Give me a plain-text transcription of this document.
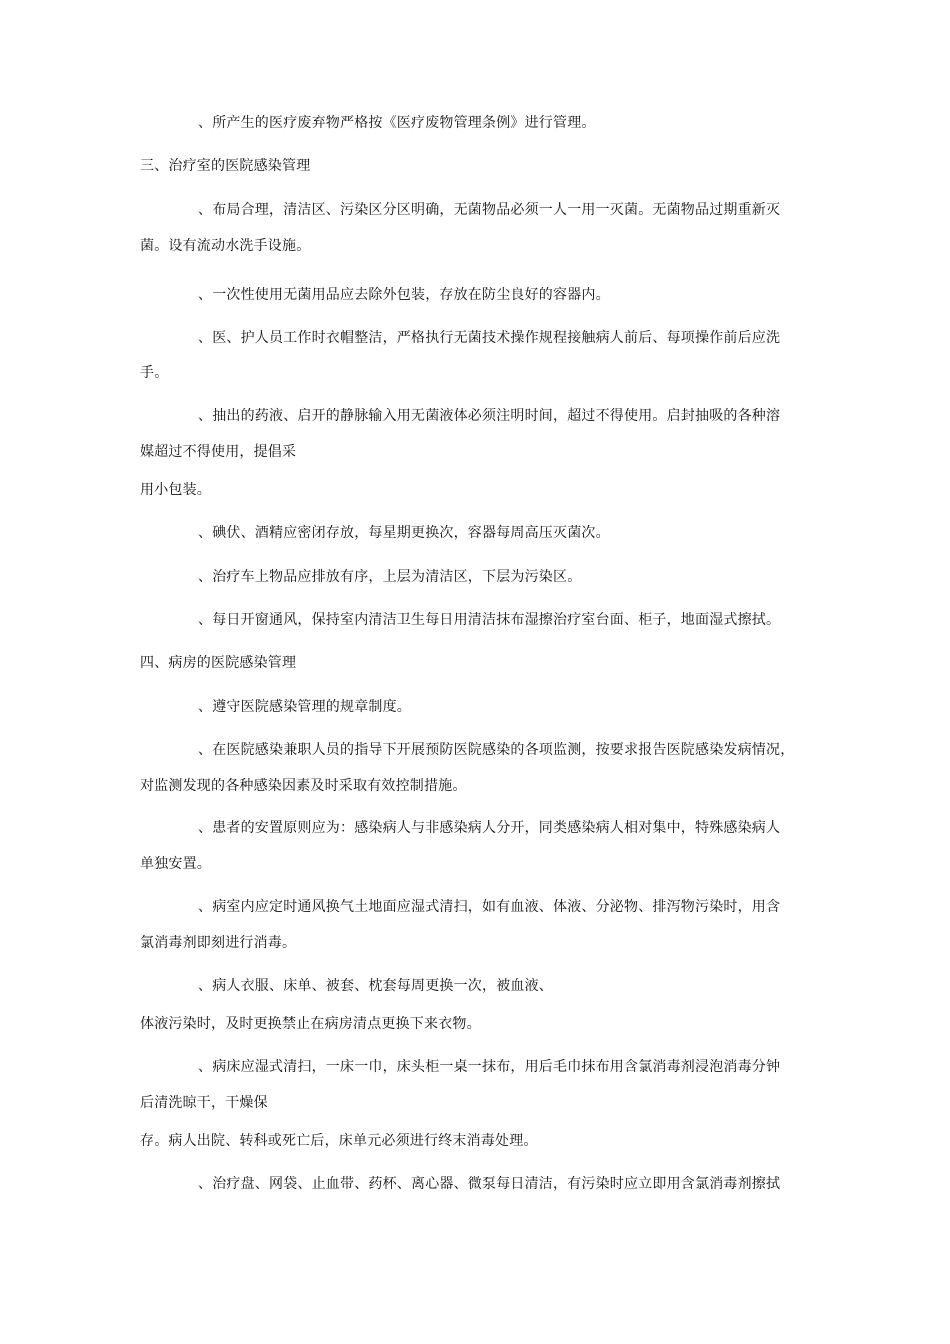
、所产生的医疗废弃物严格按《医疗废物管理条例》进行管理。

三、治疗室的医院感染管理

、布局合理，清洁区、污染区分区明确，无菌物品必须一人一用一灭菌。无菌物品过期重新灭

菌。设有流动水洗手设施。

、一次性使用无菌用品应去除外包装，存放在防尘良好的容器内。

、医、护人员工作时衣帽整洁，严格执行无菌技术操作规程接触病人前后、每项操作前后应洗

手。

、抽出的药液、启开的静脉输入用无菌液体必须注明时间，超过不得使用。启封抽吸的各种溶

媒超过不得使用，提倡采

用小包装。

、碘伏、酒精应密闭存放，每星期更换次，容器每周高压灭菌次。

、治疗车上物品应排放有序，上层为清洁区，下层为污染区。

、每日开窗通风，保持室内清洁卫生每日用清洁抹布湿擦治疗室台面、柜子，地面湿式擦拭。

四、病房的医院感染管理

、遵守医院感染管理的规章制度。

、在医院感染兼职人员的指导下开展预防医院感染的各项监测，按要求报告医院感染发病情况，

对监测发现的各种感染因素及时采取有效控制措施。

、患者的安置原则应为：感染病人与非感染病人分开，同类感染病人相对集中，特殊感染病人

单独安置。

、病室内应定时通风换气土地面应湿式清扫，如有血液、体液、分泌物、排泻物污染时，用含

氯消毒剂即刻进行消毒。

、病人衣服、床单、被套、枕套每周更换一次，被血液、

体液污染时，及时更换禁止在病房清点更换下来衣物。

、病床应湿式清扫，一床一巾，床头柜一桌一抹布，用后毛巾抹布用含氯消毒剂浸泡消毒分钟

后清洗晾干，干燥保

存。病人出院、转科或死亡后，床单元必须进行终末消毒处理。

、治疗盘、网袋、止血带、药杯、离心器、微泵每日清洁，有污染时应立即用含氯消毒剂擦拭
